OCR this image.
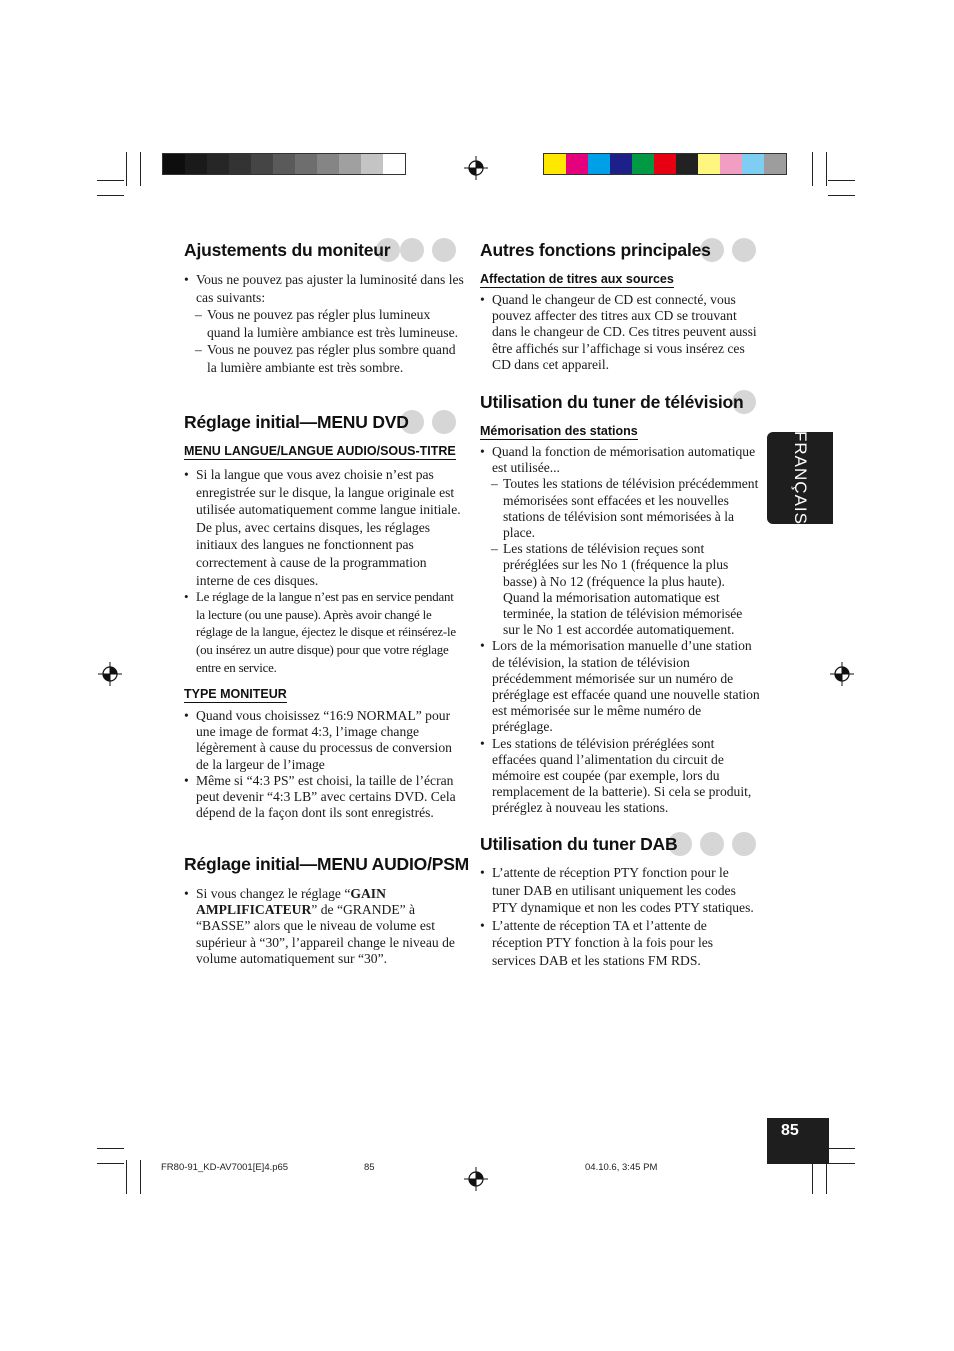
Ajustements du moniteur
• Vous ne pouvez pas ajuster la luminosité dans les cas suivants:
– Vous ne pouvez pas régler plus lumineux quand la lumière ambiance est très lumineuse.
– Vous ne pouvez pas régler plus sombre quand la lumière ambiante est très sombre.
Réglage initial—MENU DVD
MENU LANGUE/LANGUE AUDIO/SOUS-TITRE
• Si la langue que vous avez choisie n’est pas enregistrée sur le disque, la langue originale est utilisée automatiquement comme langue initiale. De plus, avec certains disques, les réglages initiaux des langues ne fonctionnent pas correctement à cause de la programmation interne de ces disques.
• Le réglage de la langue n’est pas en service pendant la lecture (ou une pause). Après avoir changé le réglage de la langue, éjectez le disque et réinsérez-le (ou insérez un autre disque) pour que votre réglage entre en service.
TYPE MONITEUR
• Quand vous choisissez “16:9 NORMAL” pour une image de format 4:3, l’image change légèrement à cause du processus de conversion de la largeur de l’image
• Même si “4:3 PS” est choisi, la taille de l’écran peut devenir “4:3 LB” avec certains DVD. Cela dépend de la façon dont ils sont enregistrés.
Réglage initial—MENU AUDIO/PSM
• Si vous changez le réglage “GAIN AMPLIFICATEUR” de “GRANDE” à “BASSE” alors que le niveau de volume est supérieur à “30”, l’appareil change le niveau de volume automatiquement sur “30”.
Autres fonctions principales
Affectation de titres aux sources
• Quand le changeur de CD est connecté, vous pouvez affecter des titres aux CD se trouvant dans le changeur de CD. Ces titres peuvent aussi être affichés sur l’affichage si vous insérez ces CD dans cet appareil.
Utilisation du tuner de télévision
Mémorisation des stations
• Quand la fonction de mémorisation automatique est utilisée...
– Toutes les stations de télévision précédemment mémorisées sont effacées et les nouvelles stations de télévision sont mémorisées à la place.
– Les stations de télévision reçues sont préréglées sur les No 1 (fréquence la plus basse) à No 12 (fréquence la plus haute). Quand la mémorisation automatique est terminée, la station de télévision mémorisée sur le No 1 est accordée automatiquement.
• Lors de la mémorisation manuelle d’une station de télévision, la station de télévision précédemment mémorisée sur un numéro de préréglage est effacée quand une nouvelle station est mémorisée sur le même numéro de préréglage.
• Les stations de télévision préréglées sont effacées quand l’alimentation du circuit de mémoire est coupée (par exemple, lors du remplacement de la batterie). Si cela se produit, préréglez à nouveau les stations.
Utilisation du tuner DAB
• L’attente de réception PTY fonction pour le tuner DAB en utilisant uniquement les codes PTY dynamique et non les codes PTY statiques.
• L’attente de réception TA et l’attente de réception PTY fonction à la fois pour les services DAB et les stations FM RDS.
FRANÇAIS
85
FR80-91_KD-AV7001[E]4.p65	85	04.10.6, 3:45 PM
